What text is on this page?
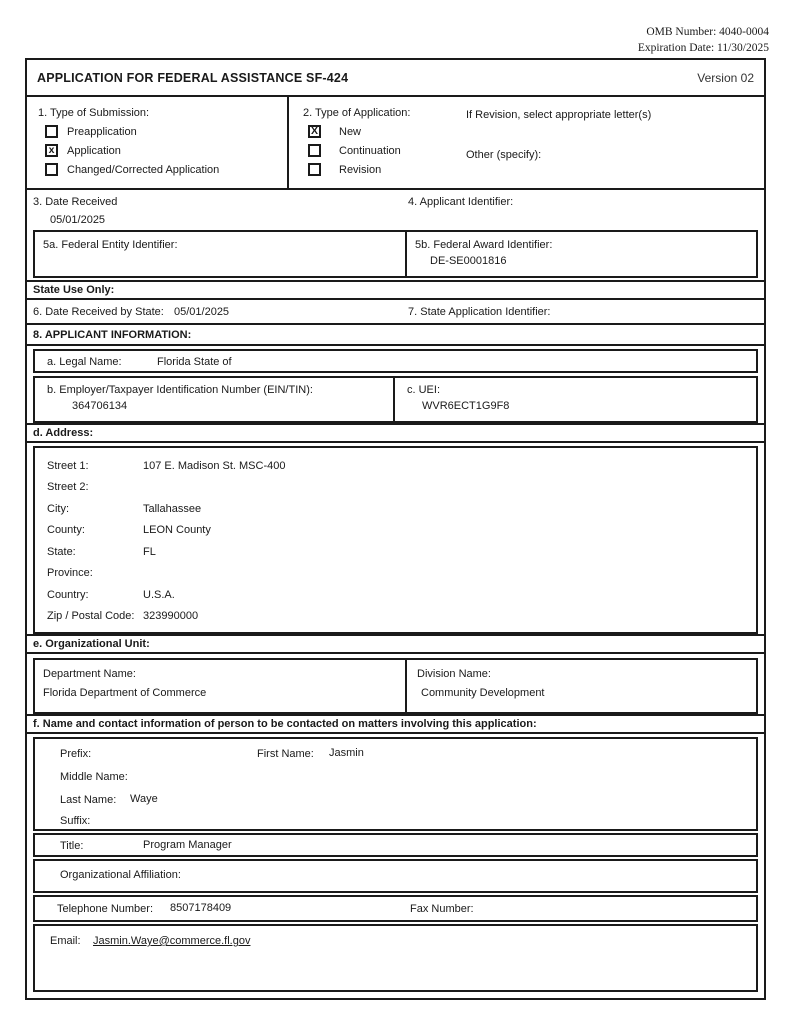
OMB Number: 4040-0004
Expiration Date: 11/30/2025
APPLICATION FOR FEDERAL ASSISTANCE SF-424	Version 02
1. Type of Submission:
Preapplication
x Application
Changed/Corrected Application
2. Type of Application:
X New
Continuation
Revision
If Revision, select appropriate letter(s)
Other (specify):
3. Date Received
05/01/2025
4. Applicant Identifier:
5a. Federal Entity Identifier:	5b. Federal Award Identifier:
DE-SE0001816
State Use Only:
6. Date Received by State: 05/01/2025	7. State Application Identifier:
8. APPLICANT INFORMATION:
a. Legal Name:	Florida State of
b. Employer/Taxpayer Identification Number (EIN/TIN):
364706134
c. UEI:
WVR6ECT1G9F8
d. Address:
Street 1:	107 E. Madison St. MSC-400
Street 2:
City:	Tallahassee
County:	LEON County
State:	FL
Province:
Country:	U.S.A.
Zip / Postal Code: 323990000
e. Organizational Unit:
Department Name:
Florida Department of Commerce
Division Name:
Community Development
f. Name and contact information of person to be contacted on matters involving this application:
Prefix:	First Name: Jasmin
Middle Name:
Last Name: Waye
Suffix:
Title:	Program Manager
Organizational Affiliation:
Telephone Number: 8507178409	Fax Number:
Email: Jasmin.Waye@commerce.fl.gov
